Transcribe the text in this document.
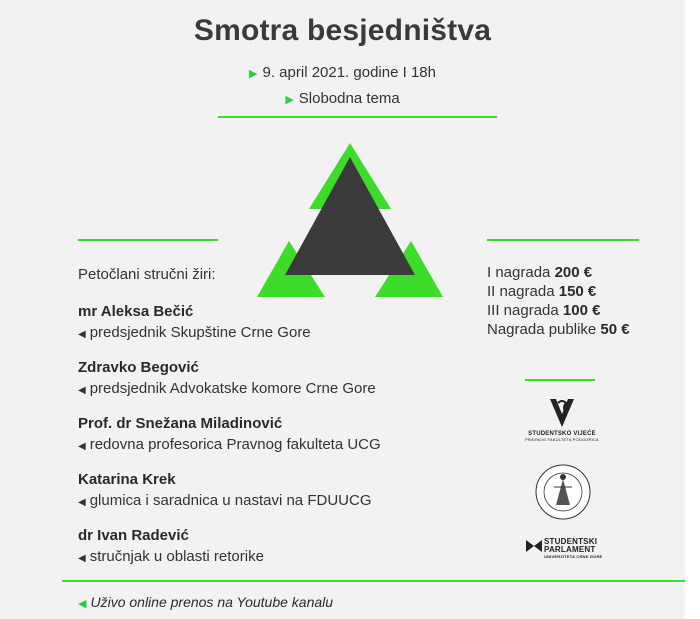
Smotra besjedništva
▶ 9. april 2021. godine I 18h
▶ Slobodna tema
Petočlani stručni žiri:
mr Aleksa Bečić
◀ predsjednik Skupštine Crne Gore
Zdravko Begović
◀ predsjednik Advokatske komore Crne Gore
Prof. dr Snežana Miladinović
◀ redovna profesorica Pravnog fakulteta UCG
Katarina Krek
◀ glumica i saradnica u nastavi na FDUUCG
dr Ivan Radević
◀ stručnjak u oblasti retorike
I nagrada 200 €
II nagrada 150 €
III nagrada 100 €
Nagrada publike 50 €
STUDENTSKO VIJEĆE
PRAVNOG FAKULTETA PODGORICA
STUDENTSKI
PARLAMENT
UNIVERZITETA CRNE GORE
◀ Uživo online prenos na Youtube kanalu
